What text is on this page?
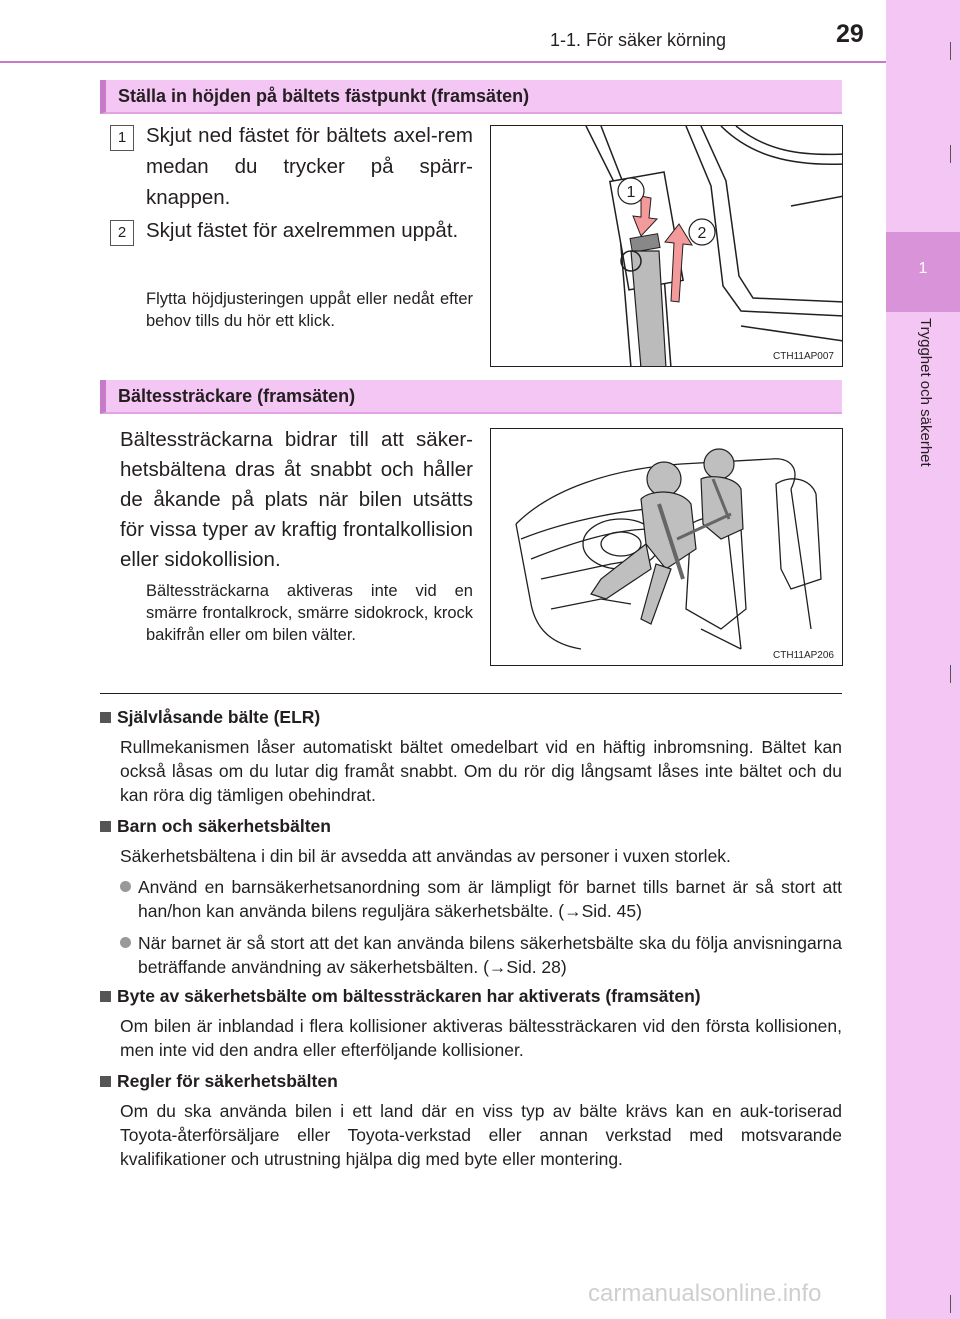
1
Trygghet och säkerhet
1-1. För säker körning	29
Ställa in höjden på bältets fästpunkt (framsäten)
1 Skjut ned fästet för bältets axel-rem medan du trycker på spärr-knappen.
2 Skjut fästet för axelremmen uppåt.
Flytta höjdjusteringen uppåt eller nedåt efter behov tills du hör ett klick.
1
2
CTH11AP007
Bältessträckare (framsäten)
Bältessträckarna bidrar till att säker-hetsbältena dras åt snabbt och håller de åkande på plats när bilen utsätts för vissa typer av kraftig frontalkollision eller sidokollision.
Bältessträckarna aktiveras inte vid en smärre frontalkrock, smärre sidokrock, krock bakifrån eller om bilen välter.
CTH11AP206
Självlåsande bälte (ELR)
Rullmekanismen låser automatiskt bältet omedelbart vid en häftig inbromsning. Bältet kan också låsas om du lutar dig framåt snabbt. Om du rör dig långsamt låses inte bältet och du kan röra dig tämligen obehindrat.
Barn och säkerhetsbälten
Säkerhetsbältena i din bil är avsedda att användas av personer i vuxen storlek.
Använd en barnsäkerhetsanordning som är lämpligt för barnet tills barnet är så stort att han/hon kan använda bilens reguljära säkerhetsbälte. (→Sid. 45)
När barnet är så stort att det kan använda bilens säkerhetsbälte ska du följa anvisningarna beträffande användning av säkerhetsbälten. (→Sid. 28)
Byte av säkerhetsbälte om bältessträckaren har aktiverats (framsäten)
Om bilen är inblandad i flera kollisioner aktiveras bältessträckaren vid den första kollisionen, men inte vid den andra eller efterföljande kollisioner.
Regler för säkerhetsbälten
Om du ska använda bilen i ett land där en viss typ av bälte krävs kan en auk-toriserad Toyota-återförsäljare eller Toyota-verkstad eller annan verkstad med motsvarande kvalifikationer och utrustning hjälpa dig med byte eller montering.
carmanualsonline.info
